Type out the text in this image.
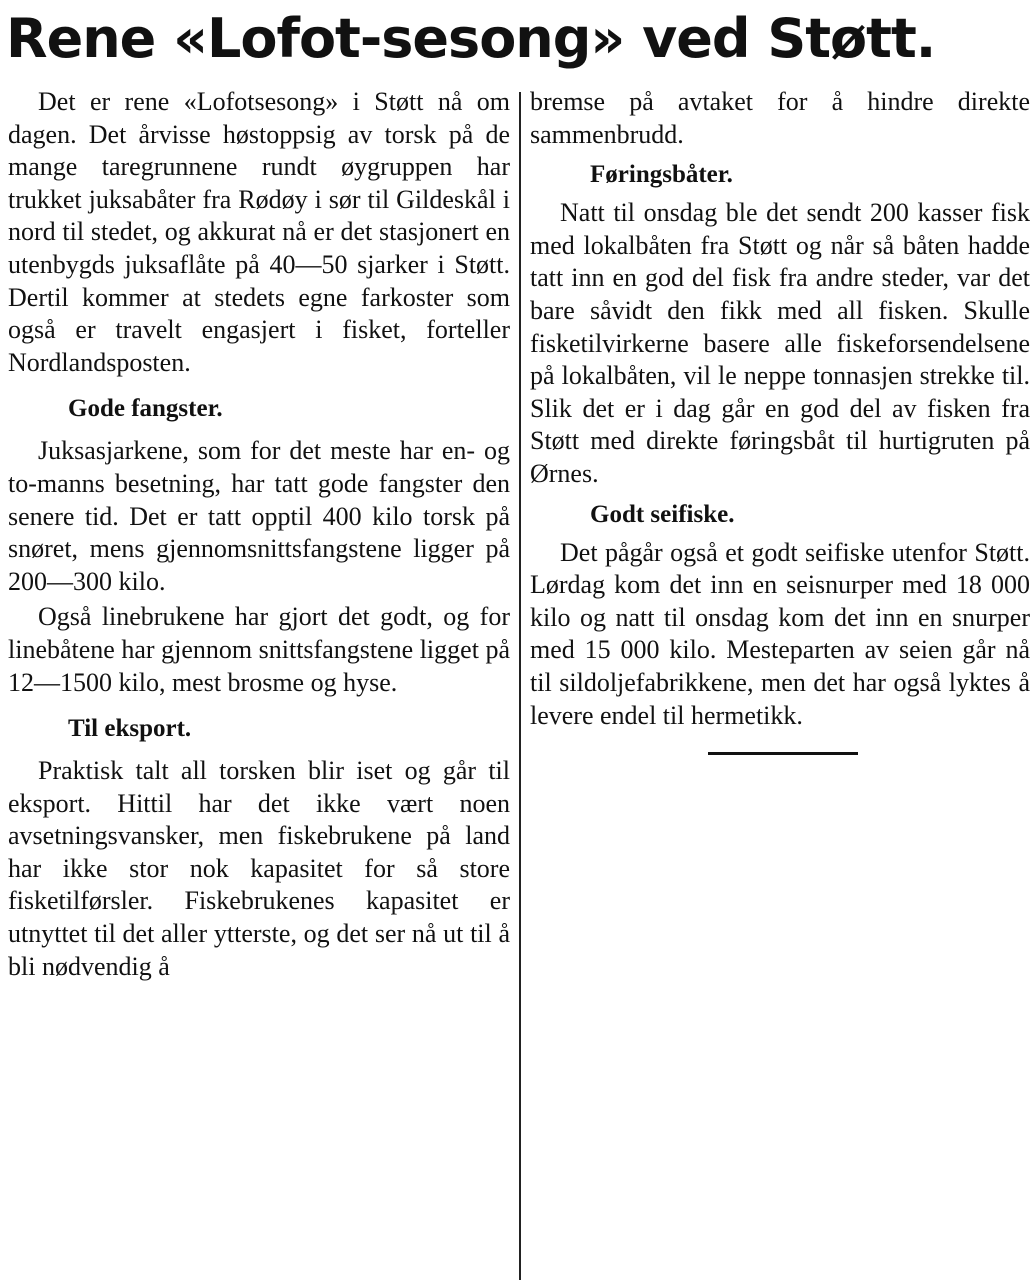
Rene «Lofot-sesong» ved Støtt.

Det er rene «Lofotsesong» i Støtt nå om dagen. Det årvisse høstoppsig av torsk på de mange taregrunnene rundt øygruppen har trukket juksabåter fra Rødøy i sør til Gildeskål i nord til stedet, og akkurat nå er det stasjonert en utenbygds juksaflåte på 40—50 sjarker i Støtt. Dertil kommer at stedets egne farkoster som også er travelt engasjert i fisket, forteller Nordlandsposten.

Gode fangster.

Juksasjarkene, som for det meste har en- og to-manns besetning, har tatt gode fangster den senere tid. Det er tatt opptil 400 kilo torsk på snøret, mens gjennomsnittsfangstene ligger på 200—300 kilo.

Også linebrukene har gjort det godt, og for linebåtene har gjennom snittsfangstene ligget på 12—1500 kilo, mest brosme og hyse.

Til eksport.

Praktisk talt all torsken blir iset og går til eksport. Hittil har det ikke vært noen avsetningsvansker, men fiskebrukene på land har ikke stor nok kapasitet for så store fisketilførsler. Fiskebrukenes kapasitet er utnyttet til det aller ytterste, og det ser nå ut til å bli nødvendig å

bremse på avtaket for å hindre direkte sammenbrudd.

Føringsbåter.

Natt til onsdag ble det sendt 200 kasser fisk med lokalbåten fra Støtt og når så båten hadde tatt inn en god del fisk fra andre steder, var det bare såvidt den fikk med all fisken. Skulle fisketilvirkerne basere alle fiskeforsendelsene på lokalbåten, vil le neppe tonnasjen strekke til. Slik det er i dag går en god del av fisken fra Støtt med direkte føringsbåt til hurtigruten på Ørnes.

Godt seifiske.

Det pågår også et godt seifiske utenfor Støtt. Lørdag kom det inn en seisnurper med 18 000 kilo og natt til onsdag kom det inn en snurper med 15 000 kilo. Mesteparten av seien går nå til sildoljefabrikkene, men det har også lyktes å levere endel til hermetikk.
